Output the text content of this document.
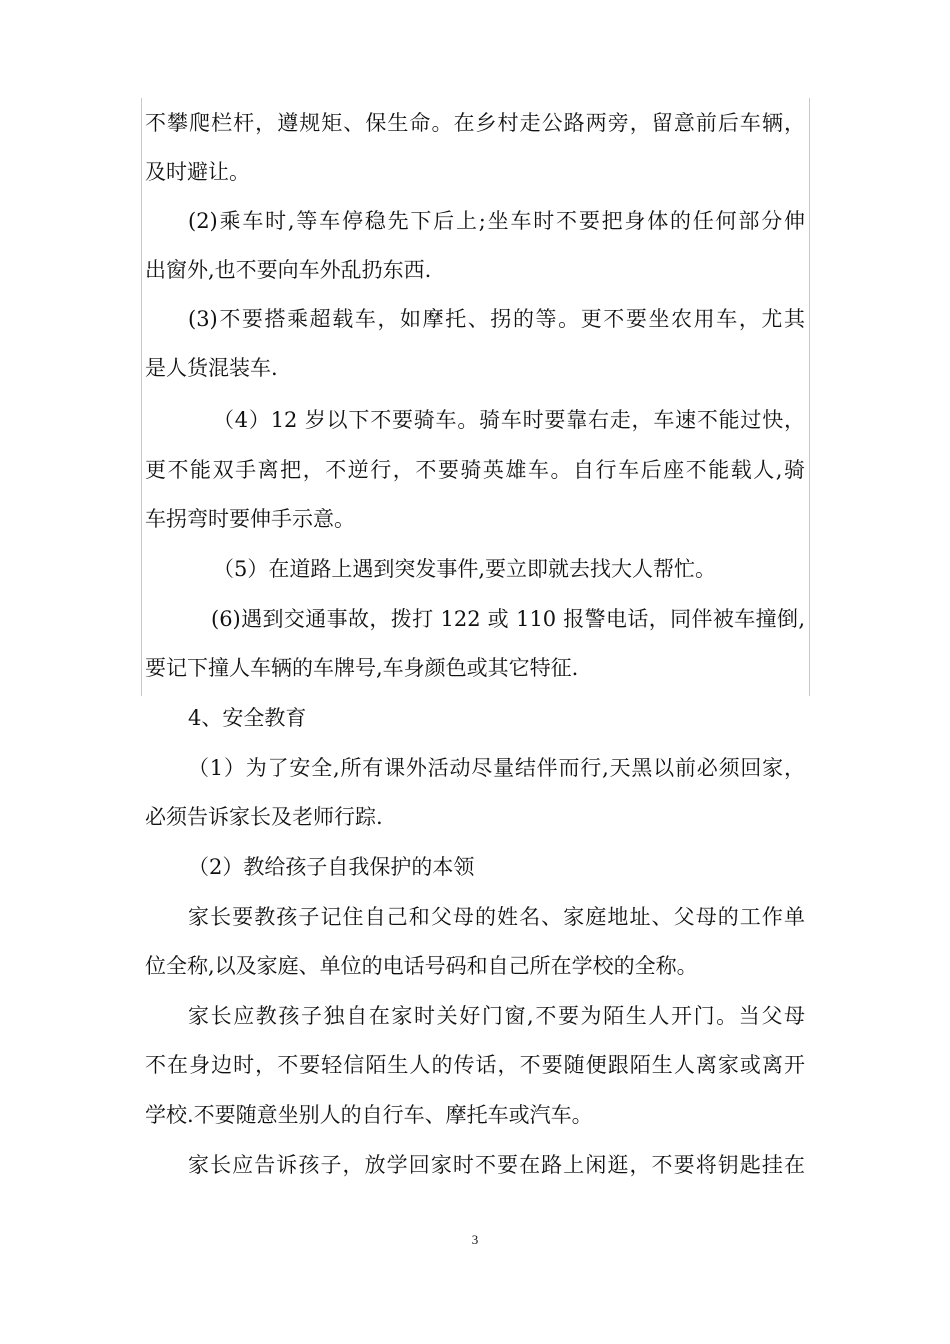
不攀爬栏杆，遵规矩、保生命。在乡村走公路两旁，留意前后车辆，

及时避让。

(2)乘车时,等车停稳先下后上;坐车时不要把身体的任何部分伸

出窗外,也不要向车外乱扔东西.

(3)不要搭乘超载车，如摩托、拐的等。更不要坐农用车，尤其

是人货混装车.

（4）12 岁以下不要骑车。骑车时要靠右走，车速不能过快，

更不能双手离把，不逆行，不要骑英雄车。自行车后座不能载人,骑

车拐弯时要伸手示意。

（5）在道路上遇到突发事件,要立即就去找大人帮忙。

(6)遇到交通事故，拨打 122 或 110 报警电话，同伴被车撞倒,

要记下撞人车辆的车牌号,车身颜色或其它特征.

4、安全教育

（1）为了安全,所有课外活动尽量结伴而行,天黑以前必须回家，

必须告诉家长及老师行踪.

（2）教给孩子自我保护的本领

家长要教孩子记住自己和父母的姓名、家庭地址、父母的工作单

位全称,以及家庭、单位的电话号码和自己所在学校的全称。

家长应教孩子独自在家时关好门窗,不要为陌生人开门。当父母

不在身边时，不要轻信陌生人的传话，不要随便跟陌生人离家或离开

学校.不要随意坐别人的自行车、摩托车或汽车。

家长应告诉孩子，放学回家时不要在路上闲逛，不要将钥匙挂在

3
